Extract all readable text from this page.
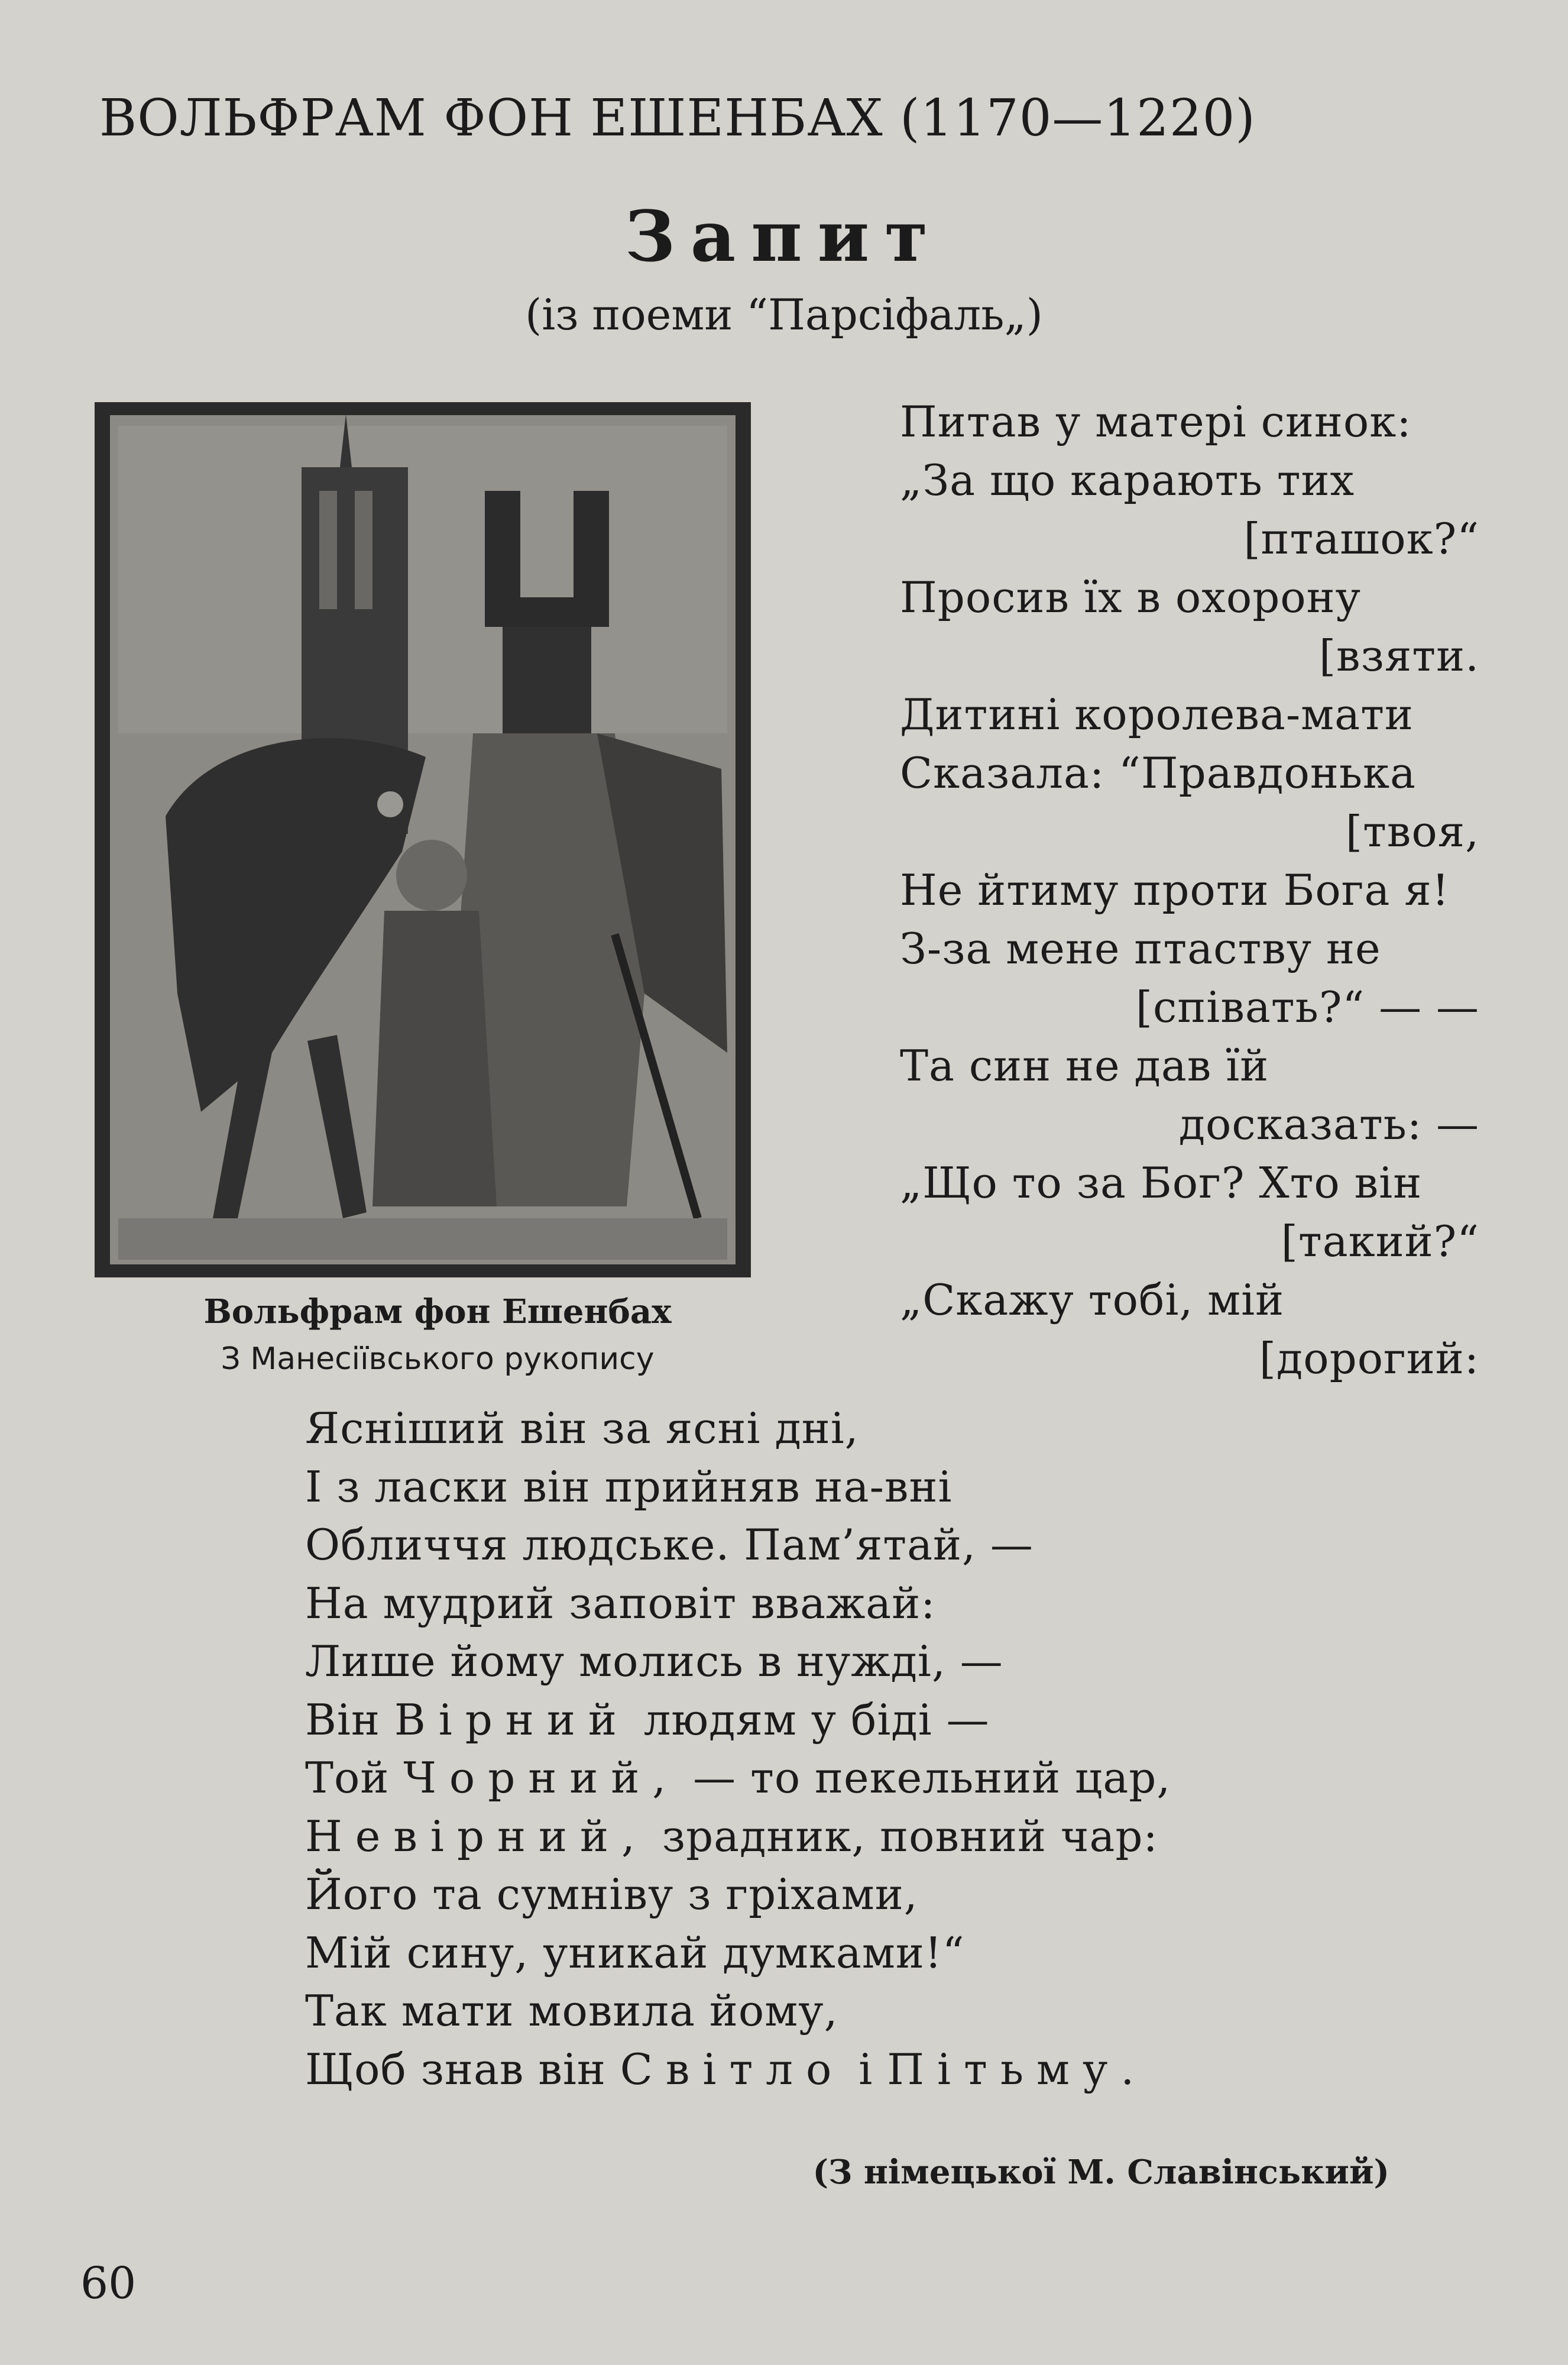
ВОЛЬФРАМ ФОН ЕШЕНБАХ (1170—1220)
Запит
(із поеми “Парсіфаль„)
Вольфрам фон Ешенбах
З Манесіївського рукопису
Питав у матері синок:
„За що карають тих
[пташок?“
Просив їх в охорону
[взяти.
Дитині королева-мати
Сказала: “Правдонька
[твоя,
Не йтиму проти Бога я!
З-за мене птаству не
[співать?“ — —
Та син не дав їй
досказать: —
„Що то за Бог? Хто він
[такий?“
„Скажу тобі, мій
[дорогий:
Ясніший він за ясні дні,
І з ласки він прийняв на-вні
Обличчя людське. Пам’ятай, —
На мудрий заповіт вважай:
Лише йому молись в нужді, —
Він Вірний людям у біді —
Той Чорний, — то пекельний цар,
Невірний, зрадник, повний чар:
Його та сумніву з гріхами,
Мій сину, уникай думками!“
Так мати мовила йому,
Щоб знав він Світло і Пітьму.
(З німецької М. Славінський)
60
